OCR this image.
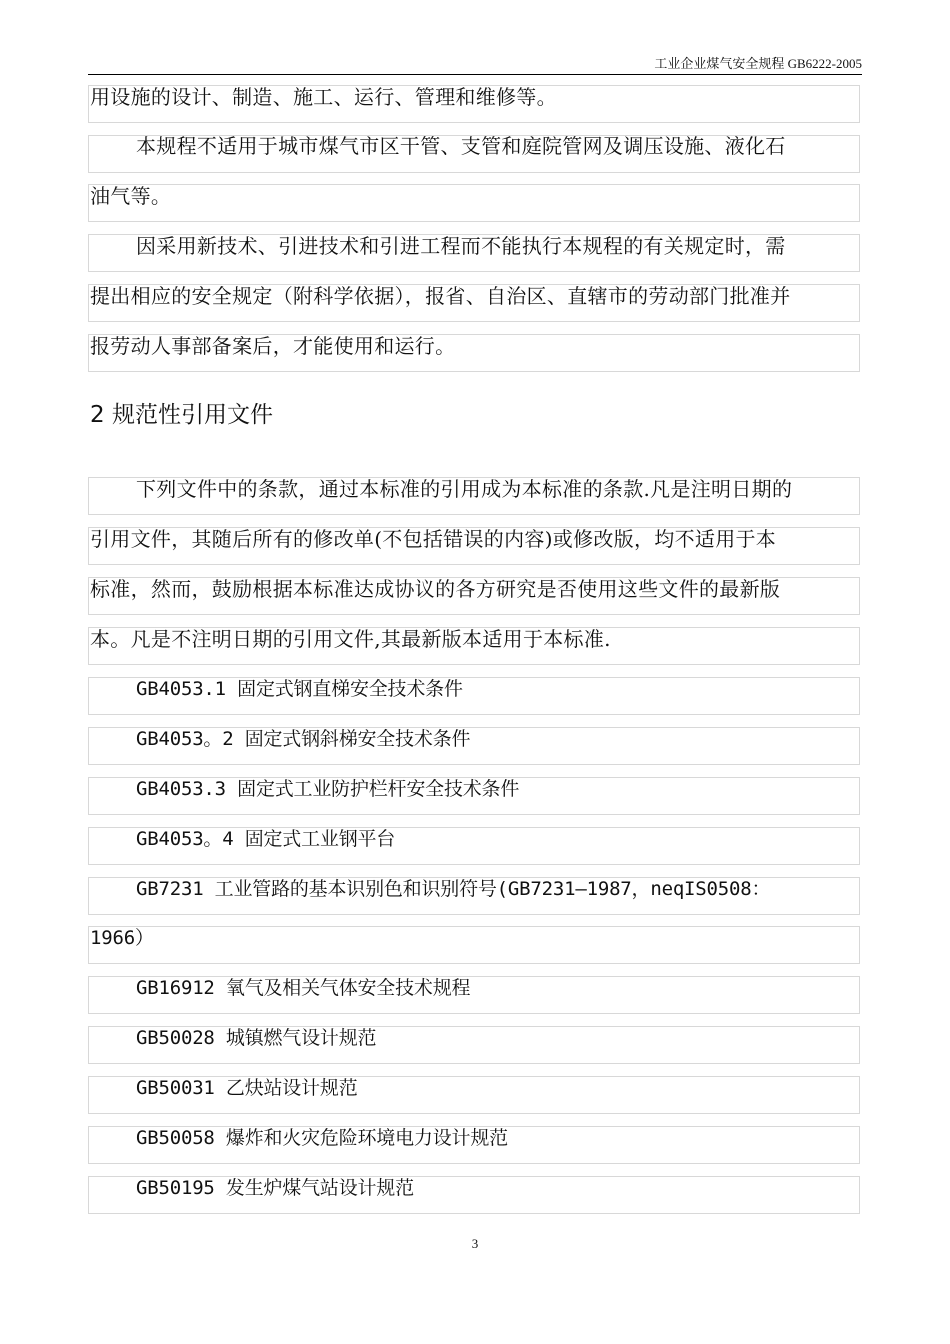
工业企业煤气安全规程 GB6222-2005
用设施的设计、制造、施工、运行、管理和维修等。
本规程不适用于城市煤气市区干管、支管和庭院管网及调压设施、液化石
油气等。
因采用新技术、引进技术和引进工程而不能执行本规程的有关规定时，需
提出相应的安全规定（附科学依据），报省、自治区、直辖市的劳动部门批准并
报劳动人事部备案后，才能使用和运行。
2 规范性引用文件
下列文件中的条款，通过本标准的引用成为本标准的条款.凡是注明日期的
引用文件，其随后所有的修改单(不包括错误的内容)或修改版，均不适用于本
标准，然而，鼓励根据本标准达成协议的各方研究是否使用这些文件的最新版
本。凡是不注明日期的引用文件,其最新版本适用于本标准.
GB4053.1 固定式钢直梯安全技术条件
GB4053。2 固定式钢斜梯安全技术条件
GB4053.3 固定式工业防护栏杆安全技术条件
GB4053。4 固定式工业钢平台
GB7231 工业管路的基本识别色和识别符号(GB7231—1987，neqIS0508：
1966）
GB16912 氧气及相关气体安全技术规程
GB50028 城镇燃气设计规范
GB50031 乙炔站设计规范
GB50058 爆炸和火灾危险环境电力设计规范
GB50195 发生炉煤气站设计规范
3
